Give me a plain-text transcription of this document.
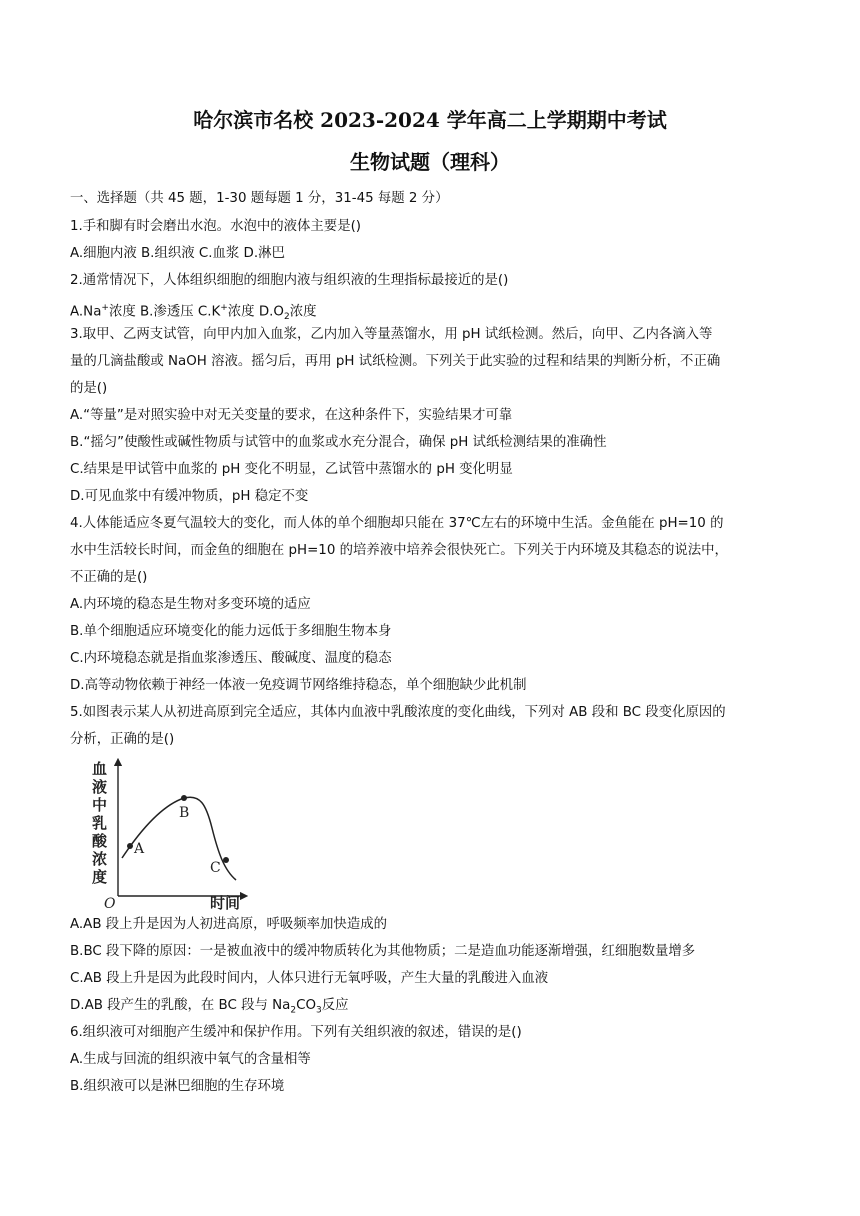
哈尔滨市名校 2023-2024 学年高二上学期期中考试
生物试题（理科）
一、选择题（共 45 题，1-30 题每题 1 分，31-45 每题 2 分）
1.手和脚有时会磨出水泡。水泡中的液体主要是()
A.细胞内液 B.组织液 C.血浆 D.淋巴
2.通常情况下，人体组织细胞的细胞内液与组织液的生理指标最接近的是()
A.Na+浓度 B.渗透压 C.K+浓度 $D.O_2$浓度
3.取甲、乙两支试管，向甲内加入血浆，乙内加入等量蒸馏水，用 pH 试纸检测。然后，向甲、乙内各滴入等
量的几滴盐酸或 NaOH 溶液。摇匀后，再用 pH 试纸检测。下列关于此实验的过程和结果的判断分析，不正确
的是()
A.“等量”是对照实验中对无关变量的要求，在这种条件下，实验结果才可靠
B.“摇匀”使酸性或碱性物质与试管中的血浆或水充分混合，确保 pH 试纸检测结果的准确性
C.结果是甲试管中血浆的 pH 变化不明显，乙试管中蒸馏水的 pH 变化明显
D.可见血浆中有缓冲物质，pH 稳定不变
4.人体能适应冬夏气温较大的变化，而人体的单个细胞却只能在 37℃左右的环境中生活。金鱼能在 pH=10 的
水中生活较长时间，而金鱼的细胞在 pH=10 的培养液中培养会很快死亡。下列关于内环境及其稳态的说法中，
不正确的是()
A.内环境的稳态是生物对多变环境的适应
B.单个细胞适应环境变化的能力远低于多细胞生物本身
C.内环境稳态就是指血浆渗透压、酸碱度、温度的稳态
D.高等动物依赖于神经一体液一免疫调节网络维持稳态，单个细胞缺少此机制
5.如图表示某人从初进高原到完全适应，其体内血液中乳酸浓度的变化曲线，下列对 AB 段和 BC 段变化原因的
分析，正确的是()
血
液
中
乳
酸
浓
度
O	时间
A
B
C
A.AB 段上升是因为人初进高原，呼吸频率加快造成的
B.BC 段下降的原因：一是被血液中的缓冲物质转化为其他物质；二是造血功能逐渐增强，红细胞数量增多
C.AB 段上升是因为此段时间内，人体只进行无氧呼吸，产生大量的乳酸进入血液
D.AB 段产生的乳酸，在 BC 段与 $Na_2CO_3$反应
6.组织液可对细胞产生缓冲和保护作用。下列有关组织液的叙述，错误的是()
A.生成与回流的组织液中氧气的含量相等
B.组织液可以是淋巴细胞的生存环境
